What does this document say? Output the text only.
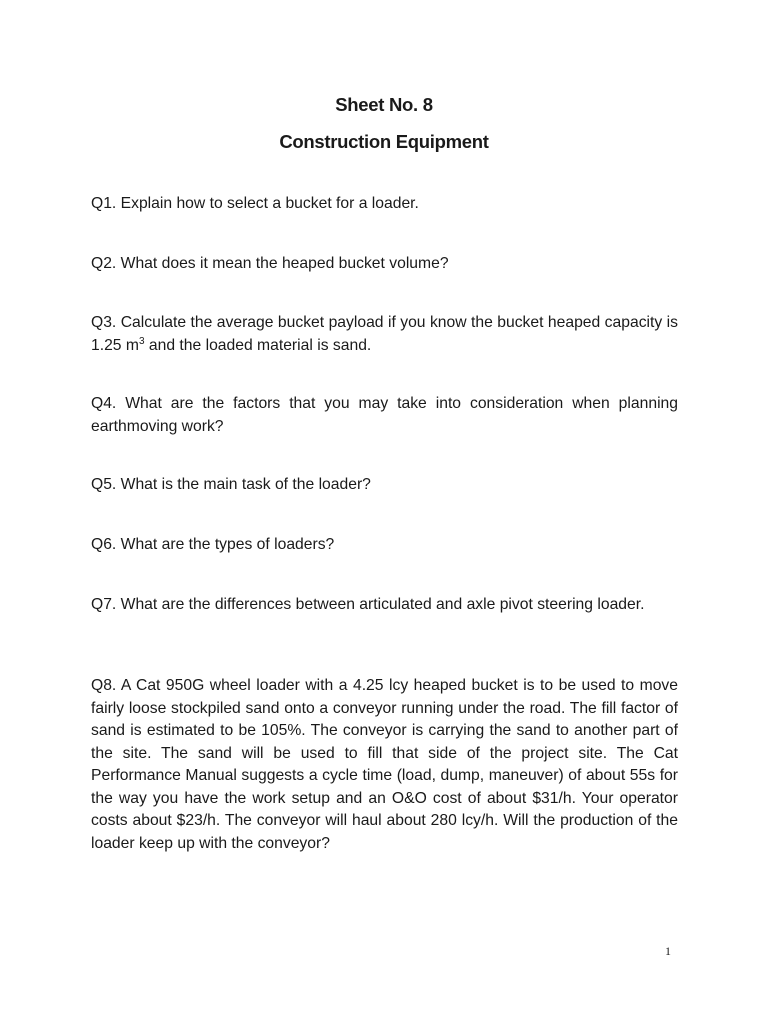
Sheet No. 8
Construction Equipment
Q1. Explain how to select a bucket for a loader.
Q2. What does it mean the heaped bucket volume?
Q3. Calculate the average bucket payload if you know the bucket heaped capacity is 1.25 $m^3$ and the loaded material is sand.
Q4. What are the factors that you may take into consideration when planning earthmoving work?
Q5. What is the main task of the loader?
Q6. What are the types of loaders?
Q7. What are the differences between articulated and axle pivot steering loader.
Q8. A Cat 950G wheel loader with a 4.25 lcy heaped bucket is to be used to move fairly loose stockpiled sand onto a conveyor running under the road. The fill factor of sand is estimated to be 105%. The conveyor is carrying the sand to another part of the site. The sand will be used to fill that side of the project site. The Cat Performance Manual suggests a cycle time (load, dump, maneuver) of about 55s for the way you have the work setup and an O&O cost of about $31/h. Your operator costs about $23/h. The conveyor will haul about 280 lcy/h. Will the production of the loader keep up with the conveyor?
1
